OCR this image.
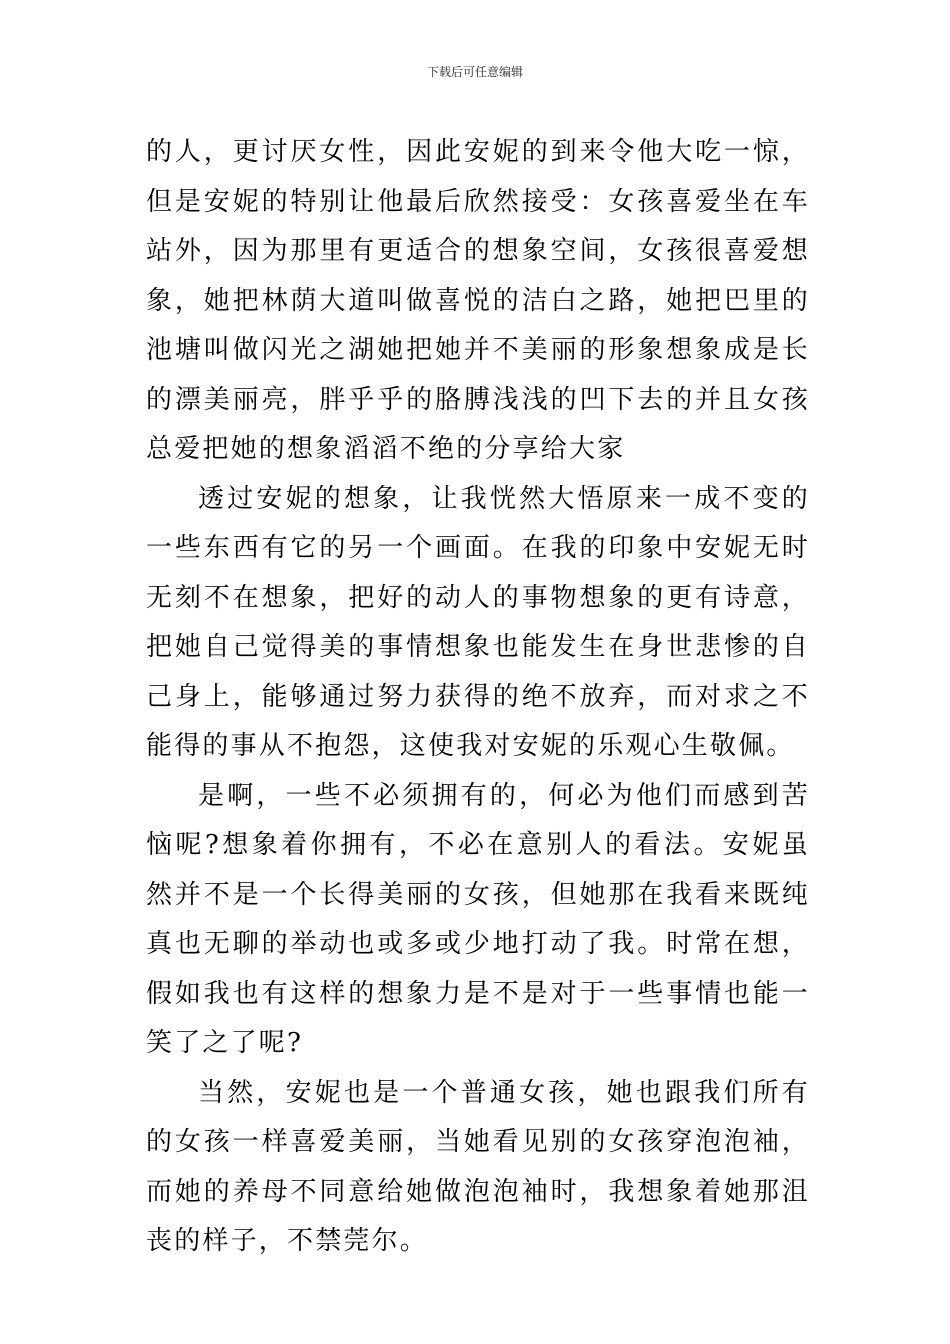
下载后可任意编辑

的人，更讨厌女性，因此安妮的到来令他大吃一惊，但是安妮的特别让他最后欣然接受：女孩喜爱坐在车站外，因为那里有更适合的想象空间，女孩很喜爱想象，她把林荫大道叫做喜悦的洁白之路，她把巴里的池塘叫做闪光之湖她把她并不美丽的形象想象成是长的漂美丽亮，胖乎乎的胳膊浅浅的凹下去的并且女孩总爱把她的想象滔滔不绝的分享给大家

透过安妮的想象，让我恍然大悟原来一成不变的一些东西有它的另一个画面。在我的印象中安妮无时无刻不在想象，把好的动人的事物想象的更有诗意，把她自己觉得美的事情想象也能发生在身世悲惨的自己身上，能够通过努力获得的绝不放弃，而对求之不能得的事从不抱怨，这使我对安妮的乐观心生敬佩。

是啊，一些不必须拥有的，何必为他们而感到苦恼呢?想象着你拥有，不必在意别人的看法。安妮虽然并不是一个长得美丽的女孩，但她那在我看来既纯真也无聊的举动也或多或少地打动了我。时常在想，假如我也有这样的想象力是不是对于一些事情也能一笑了之了呢?

当然，安妮也是一个普通女孩，她也跟我们所有的女孩一样喜爱美丽，当她看见别的女孩穿泡泡袖，而她的养母不同意给她做泡泡袖时，我想象着她那沮丧的样子，不禁莞尔。
